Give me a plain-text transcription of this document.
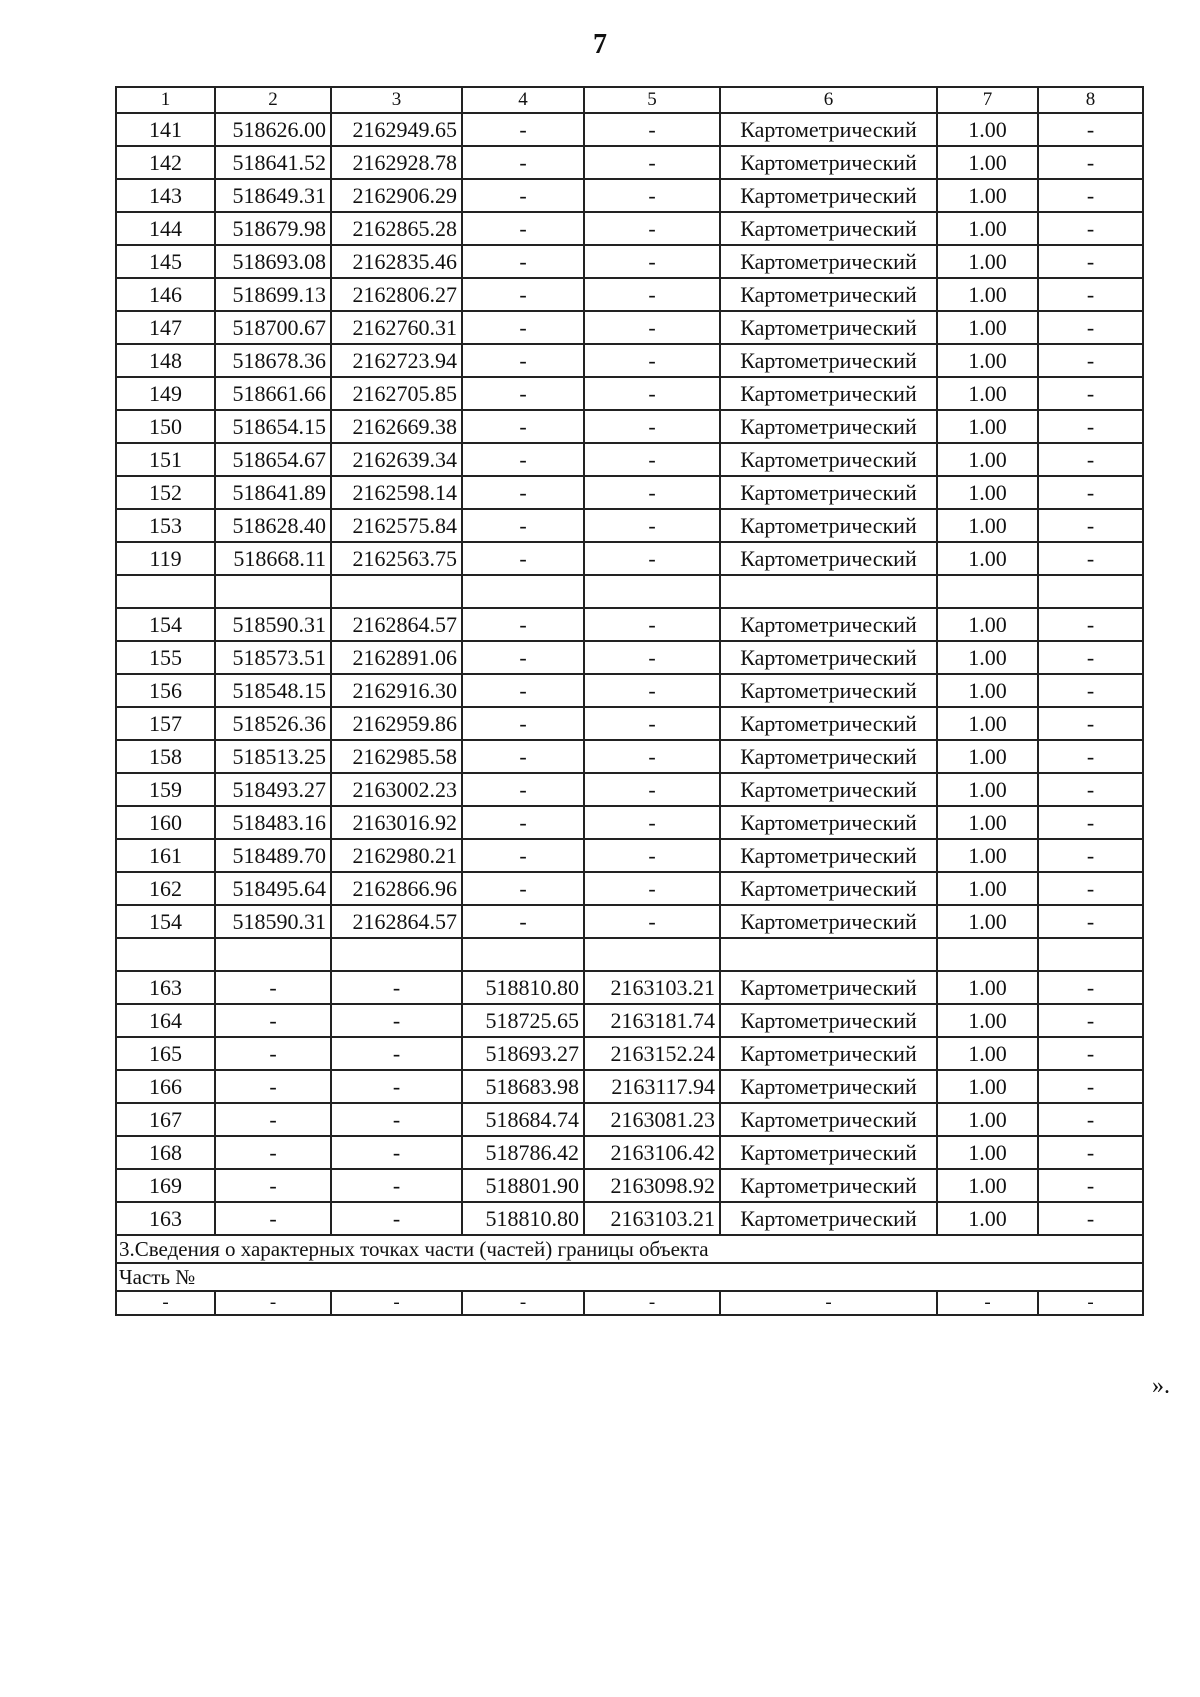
7
1	2	3	4	5	6	7	8
141	518626.00	2162949.65	-	-	Картометрический	1.00	-
142	518641.52	2162928.78	-	-	Картометрический	1.00	-
143	518649.31	2162906.29	-	-	Картометрический	1.00	-
144	518679.98	2162865.28	-	-	Картометрический	1.00	-
145	518693.08	2162835.46	-	-	Картометрический	1.00	-
146	518699.13	2162806.27	-	-	Картометрический	1.00	-
147	518700.67	2162760.31	-	-	Картометрический	1.00	-
148	518678.36	2162723.94	-	-	Картометрический	1.00	-
149	518661.66	2162705.85	-	-	Картометрический	1.00	-
150	518654.15	2162669.38	-	-	Картометрический	1.00	-
151	518654.67	2162639.34	-	-	Картометрический	1.00	-
152	518641.89	2162598.14	-	-	Картометрический	1.00	-
153	518628.40	2162575.84	-	-	Картометрический	1.00	-
119	518668.11	2162563.75	-	-	Картометрический	1.00	-

154	518590.31	2162864.57	-	-	Картометрический	1.00	-
155	518573.51	2162891.06	-	-	Картометрический	1.00	-
156	518548.15	2162916.30	-	-	Картометрический	1.00	-
157	518526.36	2162959.86	-	-	Картометрический	1.00	-
158	518513.25	2162985.58	-	-	Картометрический	1.00	-
159	518493.27	2163002.23	-	-	Картометрический	1.00	-
160	518483.16	2163016.92	-	-	Картометрический	1.00	-
161	518489.70	2162980.21	-	-	Картометрический	1.00	-
162	518495.64	2162866.96	-	-	Картометрический	1.00	-
154	518590.31	2162864.57	-	-	Картометрический	1.00	-

163	-	-	518810.80	2163103.21	Картометрический	1.00	-
164	-	-	518725.65	2163181.74	Картометрический	1.00	-
165	-	-	518693.27	2163152.24	Картометрический	1.00	-
166	-	-	518683.98	2163117.94	Картометрический	1.00	-
167	-	-	518684.74	2163081.23	Картометрический	1.00	-
168	-	-	518786.42	2163106.42	Картометрический	1.00	-
169	-	-	518801.90	2163098.92	Картометрический	1.00	-
163	-	-	518810.80	2163103.21	Картометрический	1.00	-
3.Сведения о характерных точках части (частей) границы объекта							
Часть №							
-	-	-	-	-	-	-	-
».
